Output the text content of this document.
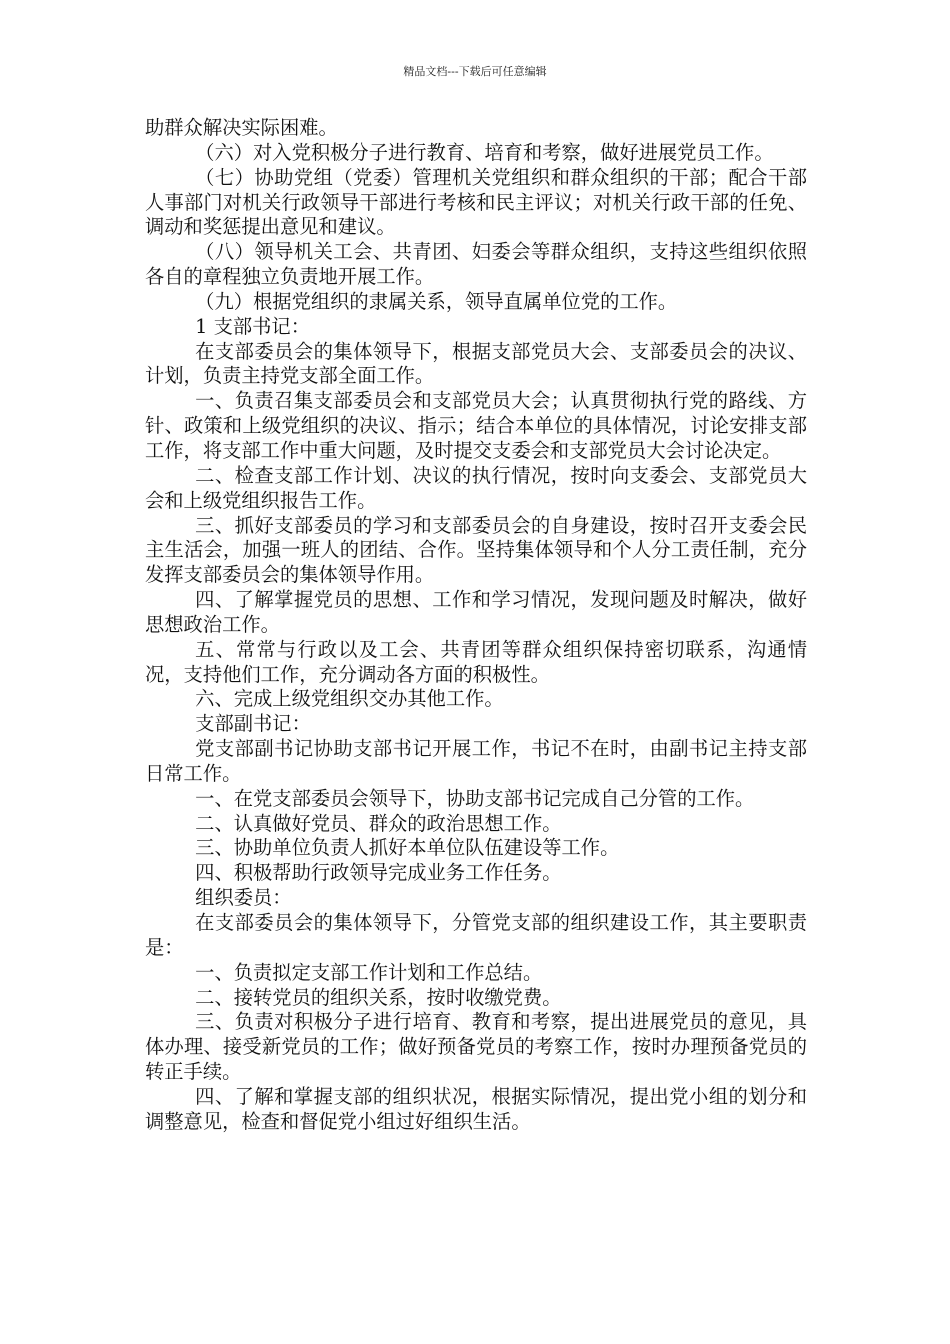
精品文档---下载后可任意编辑

助群众解决实际困难。

（六）对入党积极分子进行教育、培育和考察，做好进展党员工作。

（七）协助党组（党委）管理机关党组织和群众组织的干部；配合干部人事部门对机关行政领导干部进行考核和民主评议；对机关行政干部的任免、调动和奖惩提出意见和建议。

（八）领导机关工会、共青团、妇委会等群众组织，支持这些组织依照各自的章程独立负责地开展工作。

（九）根据党组织的隶属关系，领导直属单位党的工作。

1 支部书记：

在支部委员会的集体领导下，根据支部党员大会、支部委员会的决议、计划，负责主持党支部全面工作。

一、负责召集支部委员会和支部党员大会；认真贯彻执行党的路线、方针、政策和上级党组织的决议、指示；结合本单位的具体情况，讨论安排支部工作，将支部工作中重大问题，及时提交支委会和支部党员大会讨论决定。

二、检查支部工作计划、决议的执行情况，按时向支委会、支部党员大会和上级党组织报告工作。

三、抓好支部委员的学习和支部委员会的自身建设，按时召开支委会民主生活会，加强一班人的团结、合作。坚持集体领导和个人分工责任制，充分发挥支部委员会的集体领导作用。

四、了解掌握党员的思想、工作和学习情况，发现问题及时解决，做好思想政治工作。

五、常常与行政以及工会、共青团等群众组织保持密切联系，沟通情况，支持他们工作，充分调动各方面的积极性。

六、完成上级党组织交办其他工作。

支部副书记：

党支部副书记协助支部书记开展工作，书记不在时，由副书记主持支部日常工作。

一、在党支部委员会领导下，协助支部书记完成自己分管的工作。

二、认真做好党员、群众的政治思想工作。

三、协助单位负责人抓好本单位队伍建设等工作。

四、积极帮助行政领导完成业务工作任务。

组织委员：

在支部委员会的集体领导下，分管党支部的组织建设工作，其主要职责是：

一、负责拟定支部工作计划和工作总结。

二、接转党员的组织关系，按时收缴党费。

三、负责对积极分子进行培育、教育和考察，提出进展党员的意见，具体办理、接受新党员的工作；做好预备党员的考察工作，按时办理预备党员的转正手续。

四、了解和掌握支部的组织状况，根据实际情况，提出党小组的划分和调整意见，检查和督促党小组过好组织生活。
